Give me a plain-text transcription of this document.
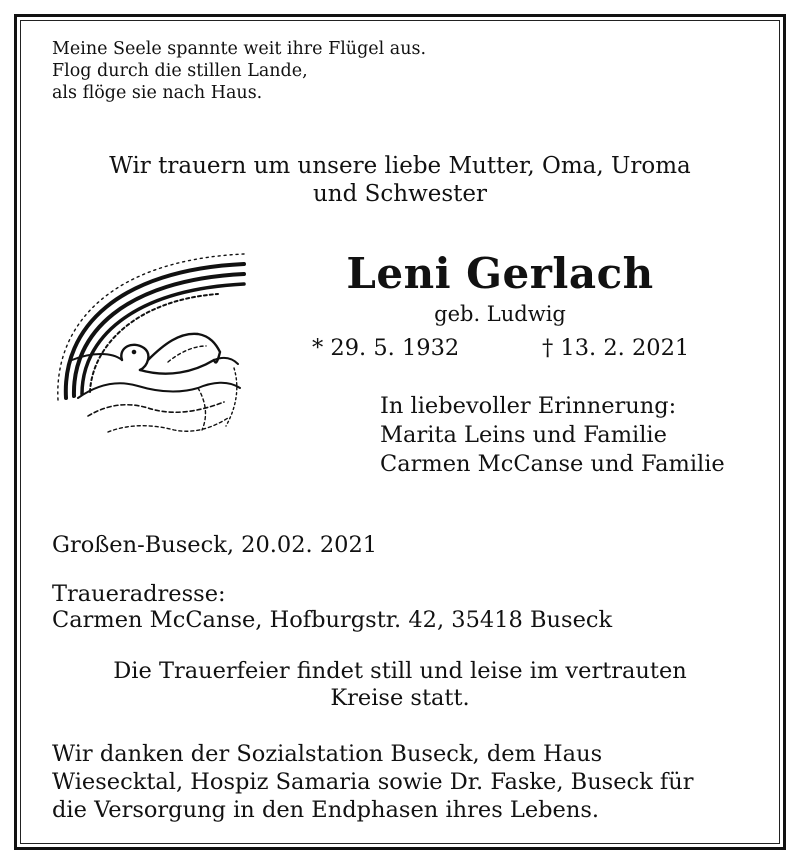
Meine Seele spannte weit ihre Flügel aus.
Flog durch die stillen Lande,
als flöge sie nach Haus.
Wir trauern um unsere liebe Mutter, Oma, Uroma
und Schwester
Leni Gerlach
geb. Ludwig
* 29. 5. 1932	† 13. 2. 2021
In liebevoller Erinnerung:
Marita Leins und Familie
Carmen McCanse und Familie
Großen-Buseck, 20.02. 2021
Traueradresse:
Carmen McCanse, Hofburgstr. 42, 35418 Buseck
Die Trauerfeier findet still und leise im vertrauten
Kreise statt.
Wir danken der Sozialstation Buseck, dem Haus
Wiesecktal, Hospiz Samaria sowie Dr. Faske, Buseck für
die Versorgung in den Endphasen ihres Lebens.
